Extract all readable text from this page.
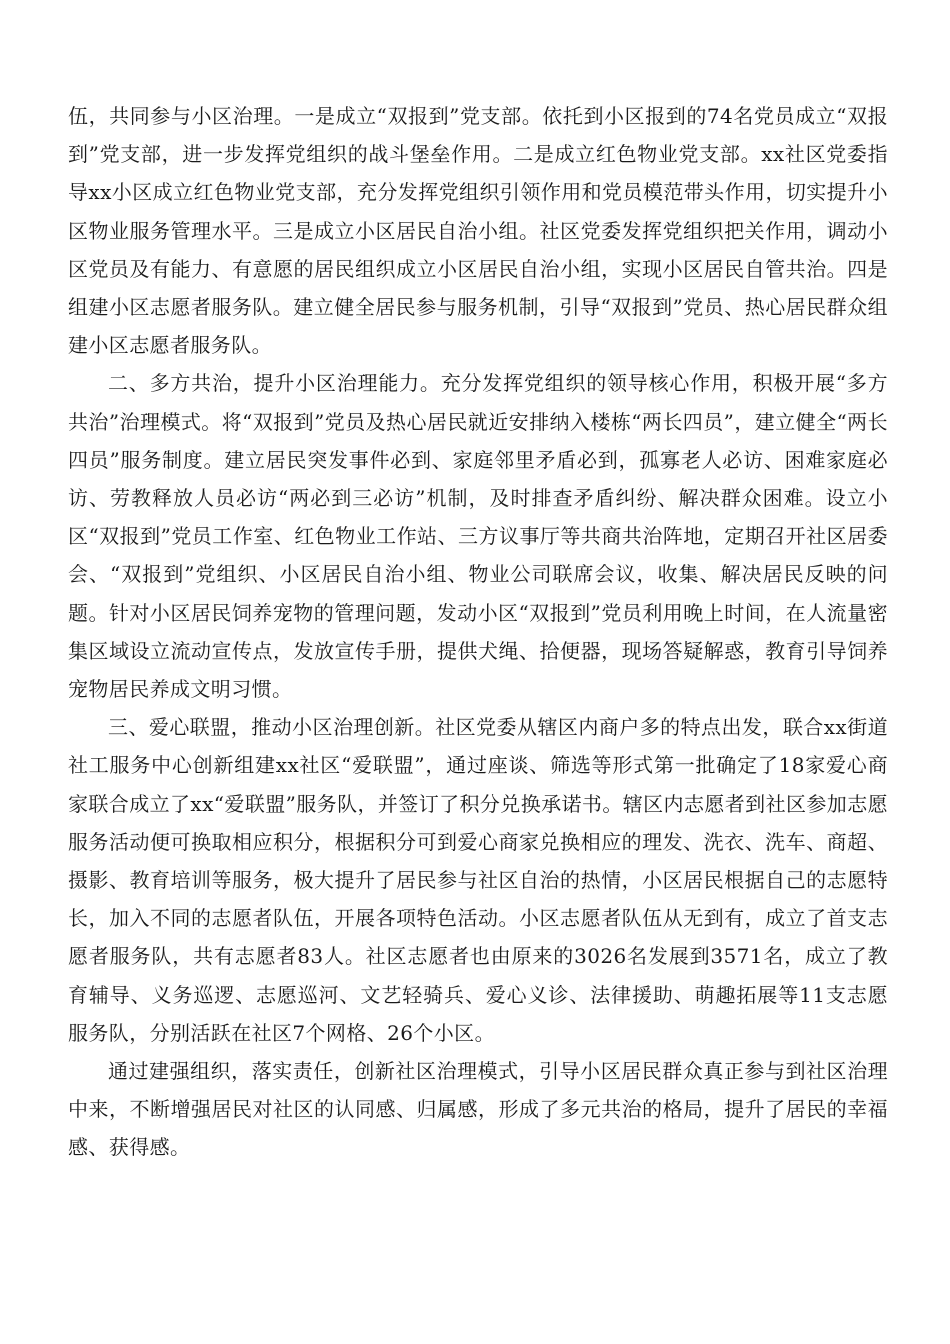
伍，共同参与小区治理。一是成立“双报到”党支部。依托到小区报到的74名党员成立“双报到”党支部，进一步发挥党组织的战斗堡垒作用。二是成立红色物业党支部。xx社区党委指导xx小区成立红色物业党支部，充分发挥党组织引领作用和党员模范带头作用，切实提升小区物业服务管理水平。三是成立小区居民自治小组。社区党委发挥党组织把关作用，调动小区党员及有能力、有意愿的居民组织成立小区居民自治小组，实现小区居民自管共治。四是组建小区志愿者服务队。建立健全居民参与服务机制，引导“双报到”党员、热心居民群众组建小区志愿者服务队。

二、多方共治，提升小区治理能力。充分发挥党组织的领导核心作用，积极开展“多方共治”治理模式。将“双报到”党员及热心居民就近安排纳入楼栋“两长四员”，建立健全“两长四员”服务制度。建立居民突发事件必到、家庭邻里矛盾必到，孤寡老人必访、困难家庭必访、劳教释放人员必访“两必到三必访”机制，及时排查矛盾纠纷、解决群众困难。设立小区“双报到”党员工作室、红色物业工作站、三方议事厅等共商共治阵地，定期召开社区居委会、“双报到”党组织、小区居民自治小组、物业公司联席会议，收集、解决居民反映的问题。针对小区居民饲养宠物的管理问题，发动小区“双报到”党员利用晚上时间，在人流量密集区域设立流动宣传点，发放宣传手册，提供犬绳、拾便器，现场答疑解惑，教育引导饲养宠物居民养成文明习惯。

三、爱心联盟，推动小区治理创新。社区党委从辖区内商户多的特点出发，联合xx街道社工服务中心创新组建xx社区“爱联盟”，通过座谈、筛选等形式第一批确定了18家爱心商家联合成立了xx“爱联盟”服务队，并签订了积分兑换承诺书。辖区内志愿者到社区参加志愿服务活动便可换取相应积分，根据积分可到爱心商家兑换相应的理发、洗衣、洗车、商超、摄影、教育培训等服务，极大提升了居民参与社区自治的热情，小区居民根据自己的志愿特长，加入不同的志愿者队伍，开展各项特色活动。小区志愿者队伍从无到有，成立了首支志愿者服务队，共有志愿者83人。社区志愿者也由原来的3026名发展到3571名，成立了教育辅导、义务巡逻、志愿巡河、文艺轻骑兵、爱心义诊、法律援助、萌趣拓展等11支志愿服务队，分别活跃在社区7个网格、26个小区。

通过建强组织，落实责任，创新社区治理模式，引导小区居民群众真正参与到社区治理中来，不断增强居民对社区的认同感、归属感，形成了多元共治的格局，提升了居民的幸福感、获得感。
